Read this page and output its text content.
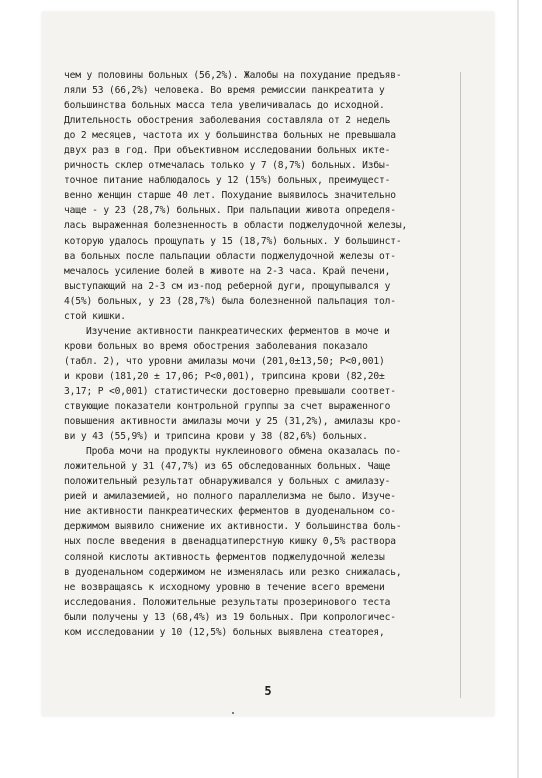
чем у половины больных (56,2%). Жалобы на похудание предъяв-
ляли 53 (66,2%) человека. Во время ремиссии панкреатита у
большинства больных масса тела увеличивалась до исходной.
Длительность обострения заболевания составляла от 2 недель
до 2 месяцев, частота их у большинства больных не превышала
двух раз в год. При объективном исследовании больных иктe-
ричность склер отмечалась только у 7 (8,7%) больных. Избы-
точное питание наблюдалось у 12 (15%) больных, преимущест-
венно женщин старше 40 лет. Похудание выявилось значительно
чаще - у 23 (28,7%) больных. При пальпации живота определя-
лась выраженная болезненность в области поджелудочной железы,
которую удалось прощупать у 15 (18,7%) больных. У большинст-
ва больных после пальпации области поджелудочной железы от-
мечалось усиление болей в животе на 2-3 часа. Край печени,
выступающий на 2-3 см из-под реберной дуги, прощупывался у
4(5%) больных, у 23 (28,7%) была болезненной пальпация тол-
стой кишки.
Изучение активности панкреатических ферментов в моче и
крови больных во время обострения заболевания показало
(табл. 2), что уровни амилазы мочи (201,0±13,50; P<0,001)
и крови (181,20 ± 17,06; P<0,001), трипсина крови (82,20±
3,17; P <0,001) статистически достоверно превышали соответ-
ствующие показатели контрольной группы за счет выраженного
повышения активности амилазы мочи у 25 (31,2%), амилазы кро-
ви у 43 (55,9%) и трипсина крови у 38 (82,6%) больных.
Проба мочи на продукты нуклеинового обмена оказалась по-
ложительной у 31 (47,7%) из 65 обследованных больных. Чаще
положительный результат обнаруживался у больных с амилазу-
рией и амилаземией, но полного параллелизма не было. Изуче-
ние активности панкреатических ферментов в дуоденальном со-
держимом выявило снижение их активности. У большинства боль-
ных после введения в двенадцатиперстную кишку 0,5% раствора
соляной кислоты активность ферментов поджелудочной железы
в дуоденальном содержимом не изменялась или резко снижалась,
не возвращаясь к исходному уровню в течение всего времени
исследования. Положительные результаты прозеринового теста
были получены у 13 (68,4%) из 19 больных. При копрологичес-
ком исследовании у 10 (12,5%) больных выявлена стеаторея,
5
